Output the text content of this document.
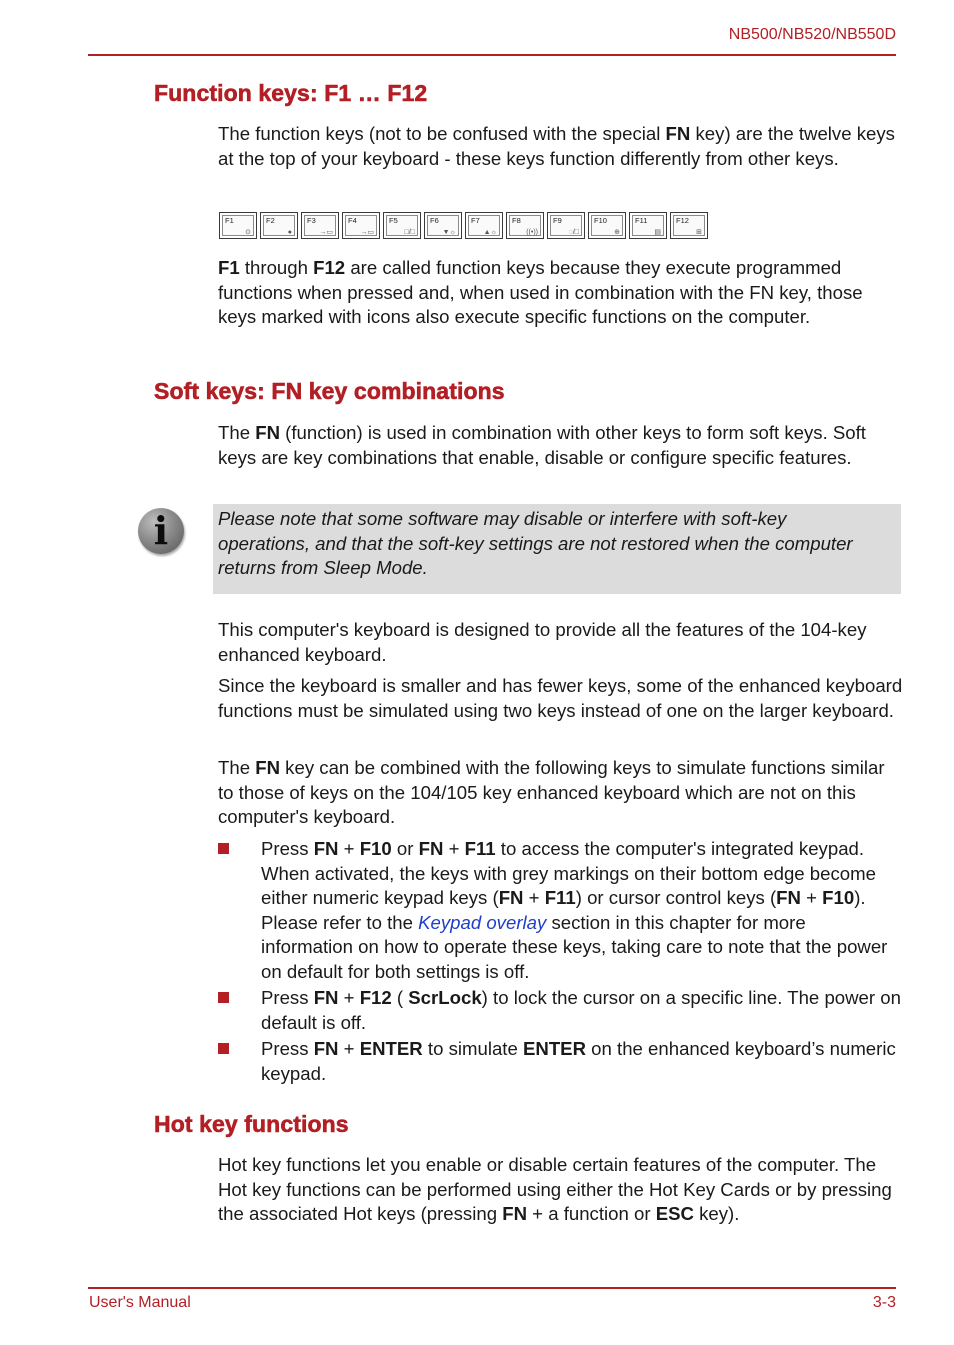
NB500/NB520/NB550D
Function keys: F1 … F12

The function keys (not to be confused with the special FN key) are the twelve keys at the top of your keyboard - these keys function differently from other keys.

F1
⊙
F2
●
F3
→▭
F4
→▭
F5
□/□
F6
▼☼
F7
▲☼
F8
((•))
F9
◌/□
F10
⊕
F11
▤
F12
⊞

F1 through F12 are called function keys because they execute programmed functions when pressed and, when used in combination with the FN key, those keys marked with icons also execute specific functions on the computer.

Soft keys: FN key combinations

The FN (function) is used in combination with other keys to form soft keys. Soft keys are key combinations that enable, disable or configure specific features.

i	Please note that some software may disable or interfere with soft-key operations, and that the soft-key settings are not restored when the computer returns from Sleep Mode.

This computer's keyboard is designed to provide all the features of the 104-key enhanced keyboard.

Since the keyboard is smaller and has fewer keys, some of the enhanced keyboard functions must be simulated using two keys instead of one on the larger keyboard.

The FN key can be combined with the following keys to simulate functions similar to those of keys on the 104/105 key enhanced keyboard which are not on this computer's keyboard.

Press FN + F10 or FN + F11 to access the computer's integrated keypad. When activated, the keys with grey markings on their bottom edge become either numeric keypad keys (FN + F11) or cursor control keys (FN + F10). Please refer to the Keypad overlay section in this chapter for more information on how to operate these keys, taking care to note that the power on default for both settings is off.
Press FN + F12 ( ScrLock) to lock the cursor on a specific line. The power on default is off.
Press FN + ENTER to simulate ENTER on the enhanced keyboard’s numeric keypad.
Hot key functions

Hot key functions let you enable or disable certain features of the computer. The Hot key functions can be performed using either the Hot Key Cards or by pressing the associated Hot keys (pressing FN + a function or ESC key).

User's Manual	3-3
